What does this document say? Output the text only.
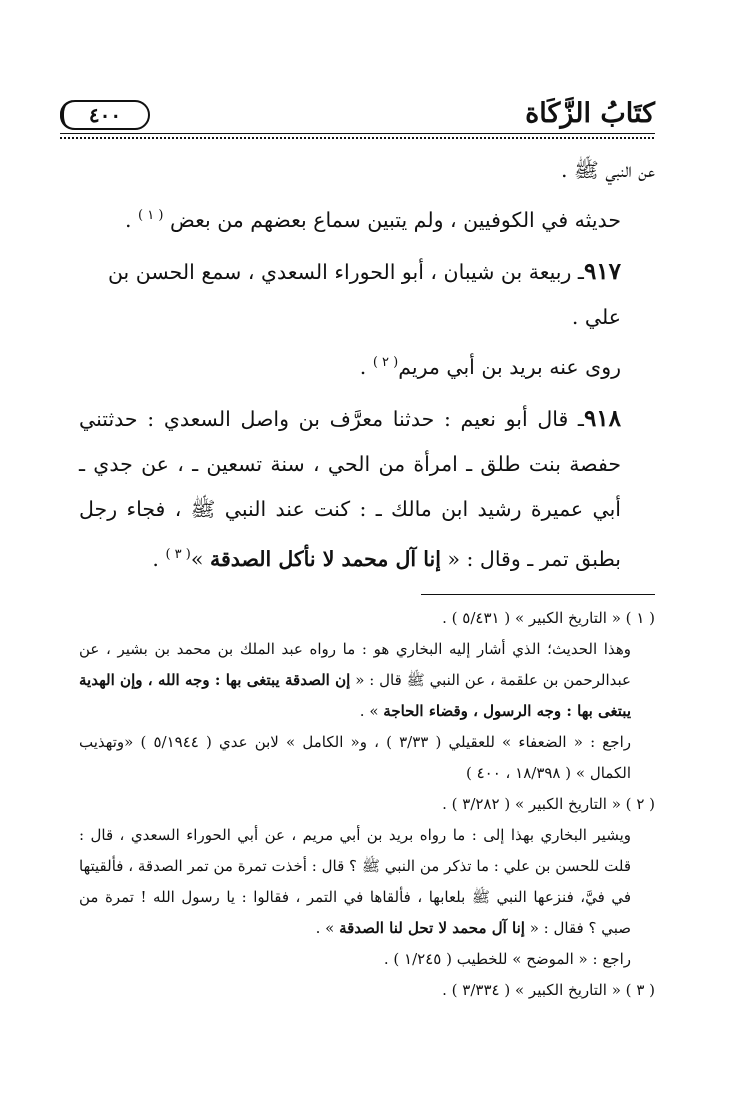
كتَابُ الزَّكَاة
٤٠٠

عن النبي ﷺ .

حديثه في الكوفيين ، ولم يتبين سماع بعضهم من بعض $^{( ١ )}$ .

٩١٧ـ ربيعة بن شيبان ، أبو الحوراء السعدي ، سمع الحسن بن علي .

روى عنه بريد بن أبي مريم$^{( ٢ )}$ .

٩١٨ـ قال أبو نعيم : حدثنا معرَّف بن واصل السعدي : حدثتني حفصة بنت طلق ـ امرأة من الحي ، سنة تسعين ـ ، عن جدي ـ أبي عميرة رشيد ابن مالك ـ : كنت عند النبي ﷺ ، فجاء رجل بطبق تمر ـ وقال : « إنا آل محمد لا نأكل الصدقة »$^{( ٣ )}$ .

( ١ ) « التاريخ الكبير » ( ٥/٤٣١ ) .

وهذا الحديث؛ الذي أشار إليه البخاري هو : ما رواه عبد الملك بن محمد بن بشير ، عن عبدالرحمن بن علقمة ، عن النبي ﷺ قال : « إن الصدقة يبتغى بها : وجه الله ، وإن الهدية يبتغى بها : وجه الرسول ، وقضاء الحاجة » .

راجع : « الضعفاء » للعقيلي ( ٣/٣٣ ) ، و« الكامل » لابن عدي ( ٥/١٩٤٤ ) «وتهذيب الكمال » ( ١٨/٣٩٨ ، ٤٠٠ )

( ٢ ) « التاريخ الكبير » ( ٣/٢٨٢ ) .

ويشير البخاري بهذا إلى : ما رواه بريد بن أبي مريم ، عن أبي الحوراء السعدي ، قال : قلت للحسن بن علي : ما تذكر من النبي ﷺ ؟ قال : أخذت تمرة من تمر الصدقة ، فألقيتها في فيَّ، فنزعها النبي ﷺ بلعابها ، فألقاها في التمر ، فقالوا : يا رسول الله ! تمرة من صبي ؟ فقال : « إنا آل محمد لا تحل لنا الصدقة » .

راجع : « الموضح » للخطيب ( ١/٢٤٥ ) .

( ٣ ) « التاريخ الكبير » ( ٣/٣٣٤ ) .
